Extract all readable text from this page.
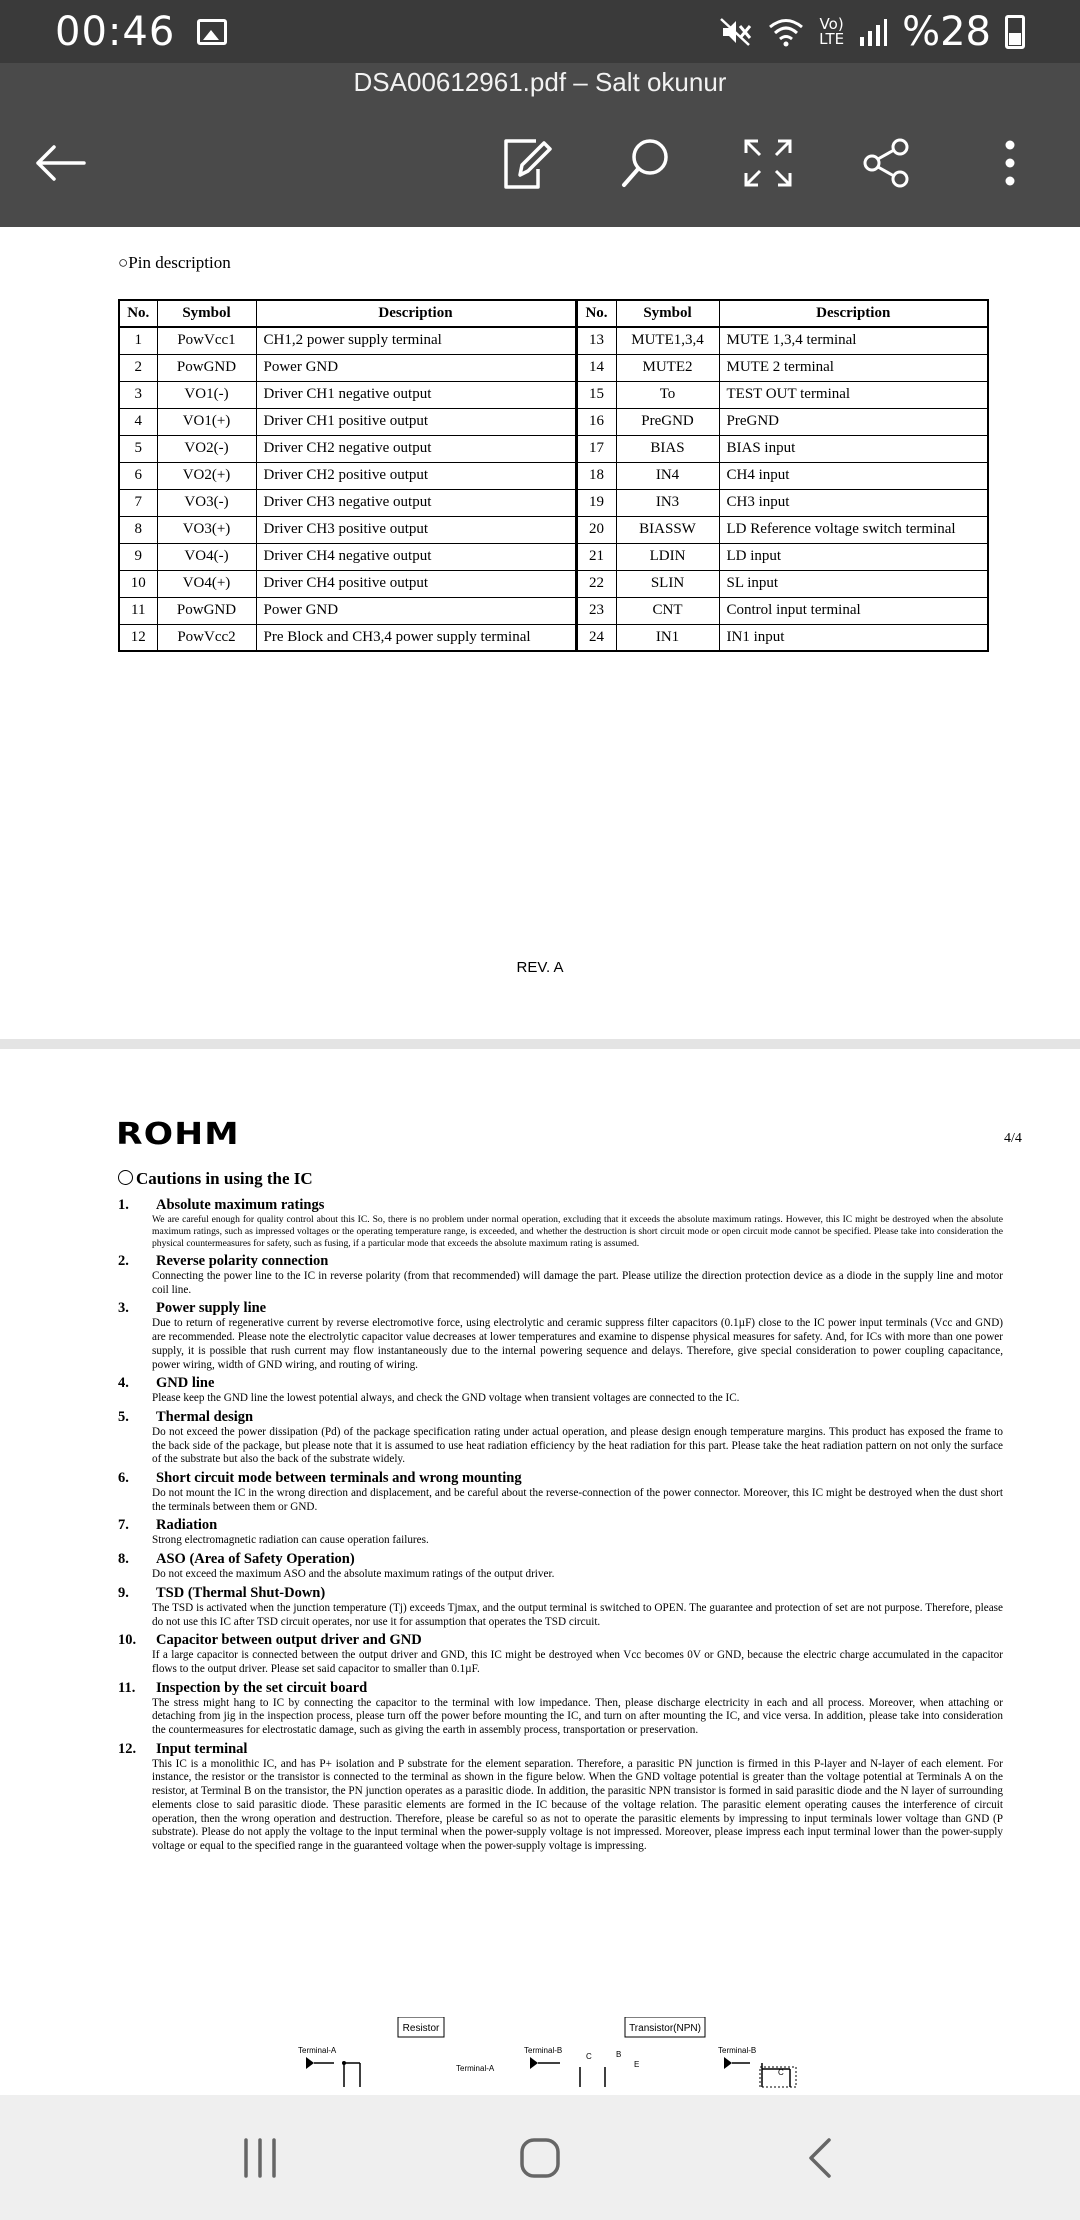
00:46	Vo)
LTE %28
DSA00612961.pdf – Salt okunur
○Pin description
No.	Symbol	Description	No.	Symbol	Description
1	PowVcc1	CH1,2 power supply terminal	13	MUTE1,3,4	MUTE 1,3,4 terminal
2	PowGND	Power GND	14	MUTE2	MUTE 2 terminal
3	VO1(-)	Driver CH1 negative output	15	To	TEST OUT terminal
4	VO1(+)	Driver CH1 positive output	16	PreGND	PreGND
5	VO2(-)	Driver CH2 negative output	17	BIAS	BIAS input
6	VO2(+)	Driver CH2 positive output	18	IN4	CH4 input
7	VO3(-)	Driver CH3 negative output	19	IN3	CH3 input
8	VO3(+)	Driver CH3 positive output	20	BIASSW	LD Reference voltage switch terminal
9	VO4(-)	Driver CH4 negative output	21	LDIN	LD input
10	VO4(+)	Driver CH4 positive output	22	SLIN	SL input
11	PowGND	Power GND	23	CNT	Control input terminal
12	PowVcc2	Pre Block and CH3,4 power supply terminal	24	IN1	IN1 input
REV. A
ROHM	4/4
Cautions in using the IC
1.	Absolute maximum ratings
We are careful enough for quality control about this IC. So, there is no problem under normal operation, excluding that it exceeds the absolute maximum ratings. However, this IC might be destroyed when the absolute maximum ratings, such as impressed voltages or the operating temperature range, is exceeded, and whether the destruction is short circuit mode or open circuit mode cannot be specified. Please take into consideration the physical countermeasures for safety, such as fusing, if a particular mode that exceeds the absolute maximum rating is assumed.
2.	Reverse polarity connection
Connecting the power line to the IC in reverse polarity (from that recommended) will damage the part. Please utilize the direction protection device as a diode in the supply line and motor coil line.
3.	Power supply line
Due to return of regenerative current by reverse electromotive force, using electrolytic and ceramic suppress filter capacitors (0.1µF) close to the IC power input terminals (Vcc and GND) are recommended. Please note the electrolytic capacitor value decreases at lower temperatures and examine to dispense physical measures for safety. And, for ICs with more than one power supply, it is possible that rush current may flow instantaneously due to the internal powering sequence and delays. Therefore, give special consideration to power coupling capacitance, power wiring, width of GND wiring, and routing of wiring.
4.	GND line
Please keep the GND line the lowest potential always, and check the GND voltage when transient voltages are connected to the IC.
5.	Thermal design
Do not exceed the power dissipation (Pd) of the package specification rating under actual operation, and please design enough temperature margins. This product has exposed the frame to the back side of the package, but please note that it is assumed to use heat radiation efficiency by the heat radiation for this part. Please take the heat radiation pattern on not only the surface of the substrate but also the back of the substrate widely.
6.	Short circuit mode between terminals and wrong mounting
Do not mount the IC in the wrong direction and displacement, and be careful about the reverse-connection of the power connector. Moreover, this IC might be destroyed when the dust short the terminals between them or GND.
7.	Radiation
Strong electromagnetic radiation can cause operation failures.
8.	ASO (Area of Safety Operation)
Do not exceed the maximum ASO and the absolute maximum ratings of the output driver.
9.	TSD (Thermal Shut-Down)
The TSD is activated when the junction temperature (Tj) exceeds Tjmax, and the output terminal is switched to OPEN. The guarantee and protection of set are not purpose. Therefore, please do not use this IC after TSD circuit operates, nor use it for assumption that operates the TSD circuit.
10.	Capacitor between output driver and GND
If a large capacitor is connected between the output driver and GND, this IC might be destroyed when Vcc becomes 0V or GND, because the electric charge accumulated in the capacitor flows to the output driver. Please set said capacitor to smaller than 0.1µF.
11.	Inspection by the set circuit board
The stress might hang to IC by connecting the capacitor to the terminal with low impedance. Then, please discharge electricity in each and all process. Moreover, when attaching or detaching from jig in the inspection process, please turn off the power before mounting the IC, and turn on after mounting the IC, and vice versa. In addition, please take into consideration the countermeasures for electrostatic damage, such as giving the earth in assembly process, transportation or preservation.
12.	Input terminal
This IC is a monolithic IC, and has P+ isolation and P substrate for the element separation. Therefore, a parasitic PN junction is firmed in this P-layer and N-layer of each element. For instance, the resistor or the transistor is connected to the terminal as shown in the figure below. When the GND voltage potential is greater than the voltage potential at Terminals A on the resistor, at Terminal B on the transistor, the PN junction operates as a parasitic diode. In addition, the parasitic NPN transistor is formed in said parasitic diode and the N layer of surrounding elements close to said parasitic diode. These parasitic elements are formed in the IC because of the voltage relation. The parasitic element operating causes the interference of circuit operation, then the wrong operation and destruction. Therefore, please be careful so as not to operate the parasitic elements by impressing to input terminals lower voltage than GND (P substrate). Please do not apply the voltage to the input terminal when the power-supply voltage is not impressed. Moreover, please impress each input terminal lower than the power-supply voltage or equal to the specified range in the guaranteed voltage when the power-supply voltage is impressing.
Resistor	Transistor(NPN)
Terminal-A	Terminal-B	Terminal-B
Terminal-A
C	B
E
C
